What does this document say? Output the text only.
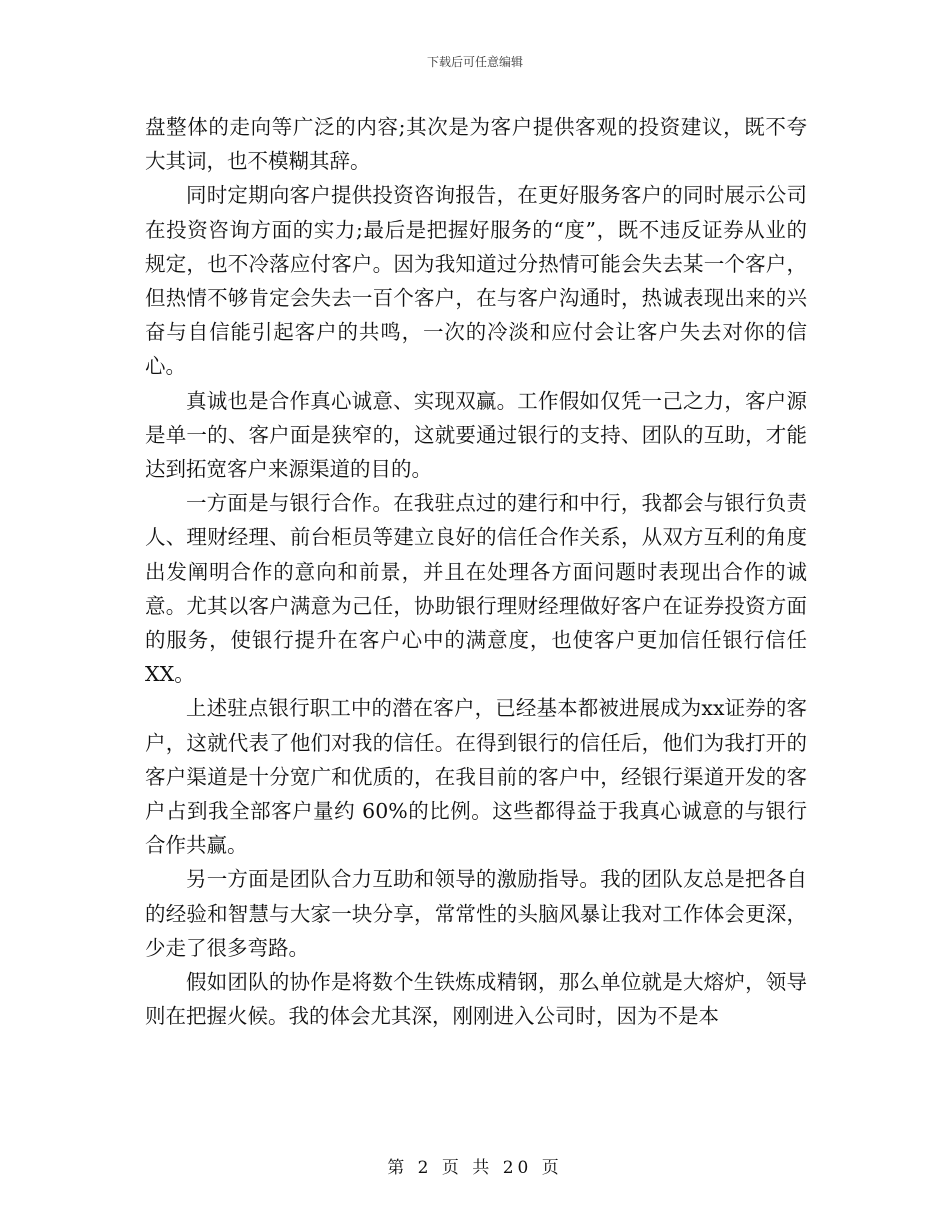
下载后可任意编辑

盘整体的走向等广泛的内容;其次是为客户提供客观的投资建议，既不夸大其词，也不模糊其辞。

同时定期向客户提供投资咨询报告，在更好服务客户的同时展示公司在投资咨询方面的实力;最后是把握好服务的“度”，既不违反证券从业的规定，也不冷落应付客户。因为我知道过分热情可能会失去某一个客户，但热情不够肯定会失去一百个客户，在与客户沟通时，热诚表现出来的兴奋与自信能引起客户的共鸣，一次的冷淡和应付会让客户失去对你的信心。

真诚也是合作真心诚意、实现双赢。工作假如仅凭一己之力，客户源是单一的、客户面是狭窄的，这就要通过银行的支持、团队的互助，才能达到拓宽客户来源渠道的目的。

一方面是与银行合作。在我驻点过的建行和中行，我都会与银行负责人、理财经理、前台柜员等建立良好的信任合作关系，从双方互利的角度出发阐明合作的意向和前景，并且在处理各方面问题时表现出合作的诚意。尤其以客户满意为己任，协助银行理财经理做好客户在证券投资方面的服务，使银行提升在客户心中的满意度，也使客户更加信任银行信任XX。

上述驻点银行职工中的潜在客户，已经基本都被进展成为xx证券的客户，这就代表了他们对我的信任。在得到银行的信任后，他们为我打开的客户渠道是十分宽广和优质的，在我目前的客户中，经银行渠道开发的客户占到我全部客户量约 60%的比例。这些都得益于我真心诚意的与银行合作共赢。

另一方面是团队合力互助和领导的激励指导。我的团队友总是把各自的经验和智慧与大家一块分享，常常性的头脑风暴让我对工作体会更深，少走了很多弯路。

假如团队的协作是将数个生铁炼成精钢，那么单位就是大熔炉，领导则在把握火候。我的体会尤其深，刚刚进入公司时，因为不是本

第 2 页 共 20 页
